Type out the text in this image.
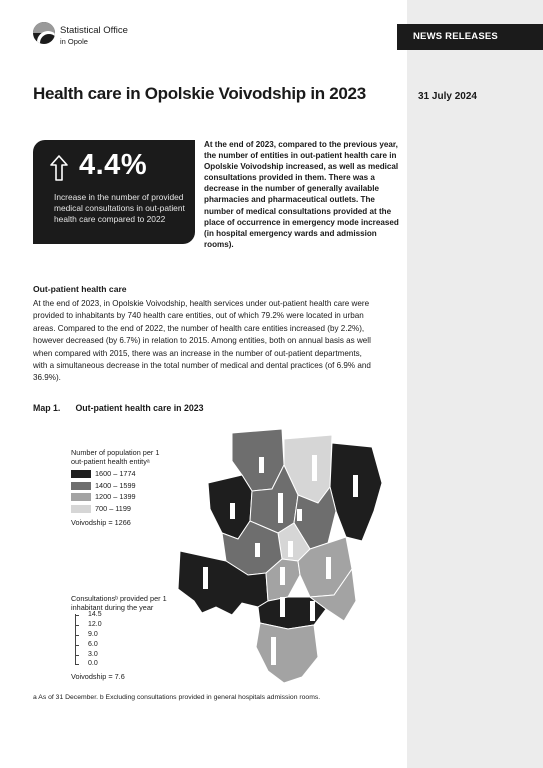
NEWS RELEASES
31 July 2024
Statistical Office
in Opole
Health care in Opolskie Voivodship in 2023
4.4%
Increase in the number of provided medical consultations in out-patient health care compared to 2022
At the end of 2023, compared to the previous year, the number of entities in out-patient health care in Opolskie Voivodship increased, as well as medical consultations provided in them. There was a decrease in the number of generally available pharmacies and pharmaceutical outlets. The number of medical consultations provided at the place of occurrence in emergency mode increased (in hospital emergency wards and admission rooms).
Out-patient health care
At the end of 2023, in Opolskie Voivodship, health services under out-patient health care were provided to inhabitants by 740 health care entities, out of which 79.2% were located in urban areas. Compared to the end of 2022, the number of health care entities increased (by 2.2%), however decreased (by 6.7%) in relation to 2015. Among entities, both on annual basis as well when compared with 2015, there was an increase in the number of out-patient departments, with a simultaneous decrease in the total number of medical and dental practices (of 6.9% and 36.9%).
Map 1. Out-patient health care in 2023
Number of population per 1 out-patient health entityᵃ
1600 – 1774
1400 – 1599
1200 – 1399
700 – 1199
Voivodship = 1266
Consultationsᵇ provided per 1 inhabitant during the year
14.5
12.0
9.0
6.0
3.0
0.0
Voivodship = 7.6
a As of 31 December. b Excluding consultations provided in general hospitals admission rooms.
